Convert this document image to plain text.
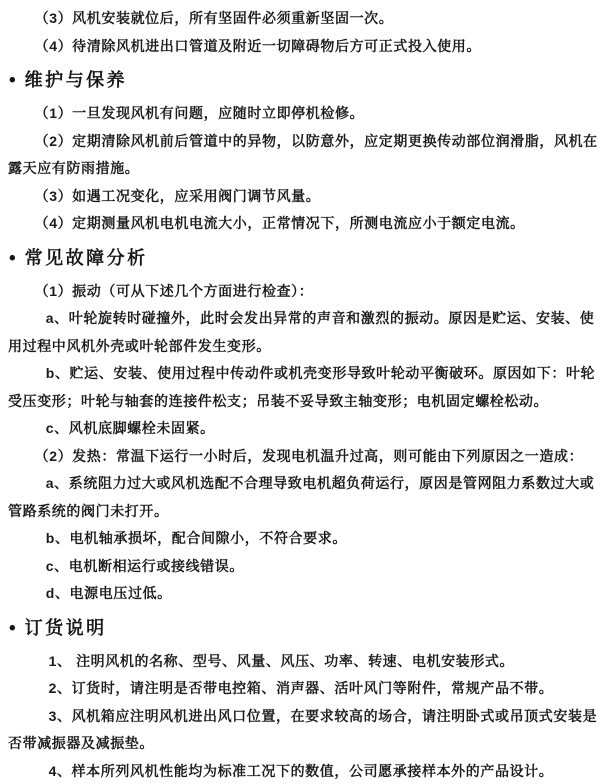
（3）风机安装就位后，所有坚固件必须重新坚固一次。

（4）待清除风机进出口管道及附近一切障碍物后方可正式投入使用。

• 维护与保养

（1）一旦发现风机有问题，应随时立即停机检修。

（2）定期清除风机前后管道中的异物，以防意外，应定期更换传动部位润滑脂，风机在露天应有防雨措施。

（3）如遇工况变化，应采用阀门调节风量。

（4）定期测量风机电机电流大小，正常情况下，所测电流应小于额定电流。

• 常见故障分析

（1）振动（可从下述几个方面进行检查）：

a、叶轮旋转时碰撞外，此时会发出异常的声音和激烈的振动。原因是贮运、安装、使用过程中风机外壳或叶轮部件发生变形。

b、贮运、安装、使用过程中传动件或机壳变形导致叶轮动平衡破环。原因如下：叶轮受压变形；叶轮与轴套的连接件松支；吊装不妥导致主轴变形；电机固定螺栓松动。

c、风机底脚螺栓未固紧。

（2）发热：常温下运行一小时后，发现电机温升过高，则可能由下列原因之一造成：

a、系统阻力过大或风机选配不合理导致电机超负荷运行，原因是管网阻力系数过大或管路系统的阀门未打开。

b、电机轴承损坏，配合间隙小，不符合要求。

c、电机断相运行或接线错误。

d、电源电压过低。

• 订货说明

1、 注明风机的名称、型号、风量、风压、功率、转速、电机安装形式。

2、订货时，请注明是否带电控箱、消声器、活叶风门等附件，常规产品不带。

3、风机箱应注明风机进出风口位置，在要求较高的场合，请注明卧式或吊顶式安装是否带减振器及减振垫。

4、样本所列风机性能均为标准工况下的数值，公司愿承接样本外的产品设计。
